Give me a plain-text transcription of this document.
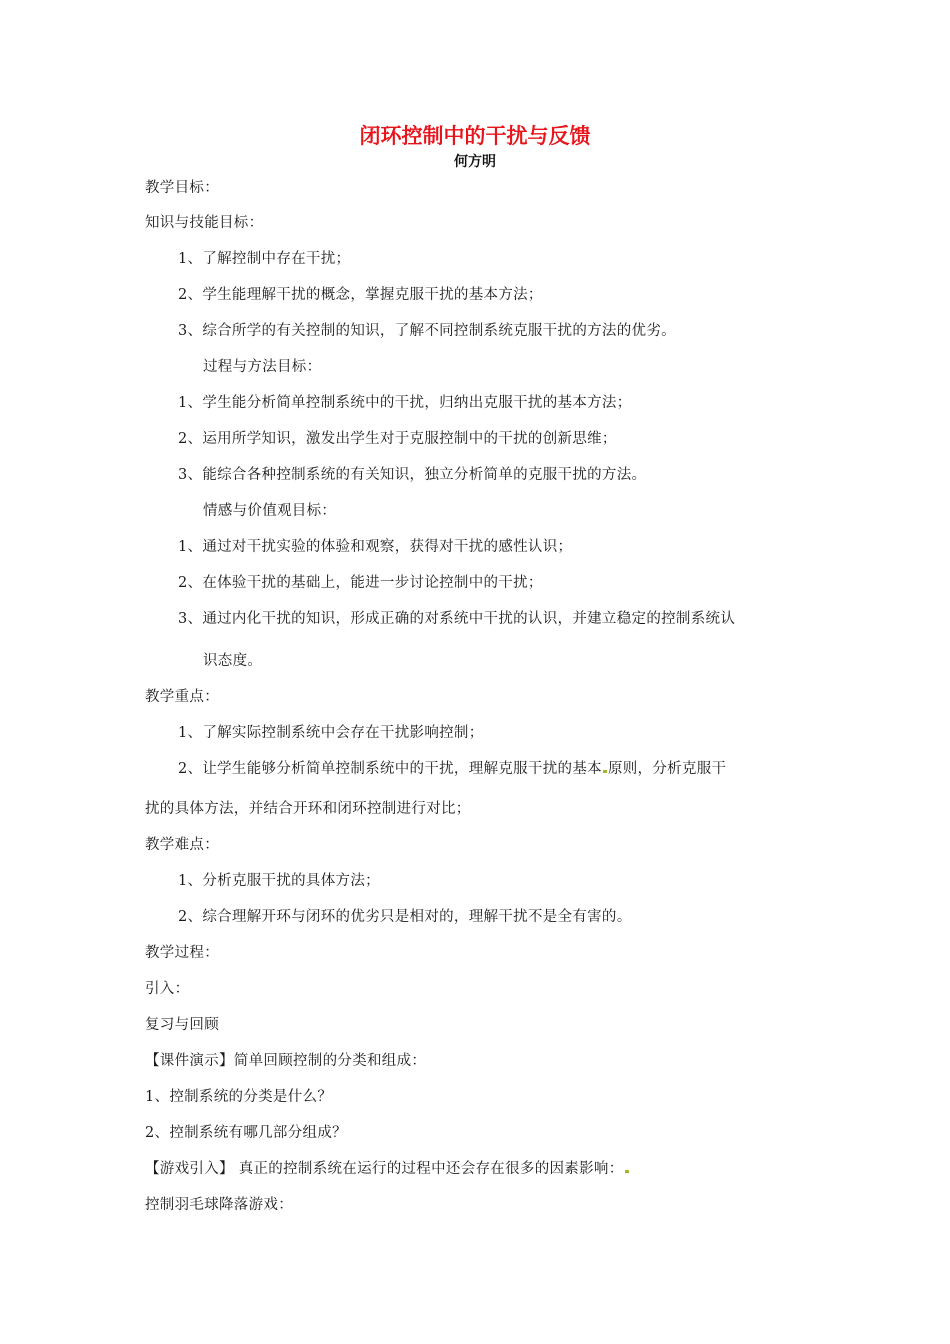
闭环控制中的干扰与反馈
何方明
教学目标：
知识与技能目标：
1、了解控制中存在干扰；
2、学生能理解干扰的概念，掌握克服干扰的基本方法；
3、综合所学的有关控制的知识，了解不同控制系统克服干扰的方法的优劣。
过程与方法目标：
1、学生能分析简单控制系统中的干扰，归纳出克服干扰的基本方法；
2、运用所学知识，激发出学生对于克服控制中的干扰的创新思维；
3、能综合各种控制系统的有关知识，独立分析简单的克服干扰的方法。
情感与价值观目标：
1、通过对干扰实验的体验和观察，获得对干扰的感性认识；
2、在体验干扰的基础上，能进一步讨论控制中的干扰；
3、通过内化干扰的知识，形成正确的对系统中干扰的认识，并建立稳定的控制系统认
识态度。
教学重点：
1、了解实际控制系统中会存在干扰影响控制；
2、让学生能够分析简单控制系统中的干扰，理解克服干扰的基本 原则，分析克服干
扰的具体方法，并结合开环和闭环控制进行对比；
教学难点：
1、分析克服干扰的具体方法；
2、综合理解开环与闭环的优劣只是相对的，理解干扰不是全有害的。
教学过程：
引入：
复习与回顾
【课件演示】简单回顾控制的分类和组成：
1、控制系统的分类是什么？
2、控制系统有哪几部分组成？
【游戏引入】 真正的控制系统在运行的过程中还会存在很多的因素影响：
控制羽毛球降落游戏：
